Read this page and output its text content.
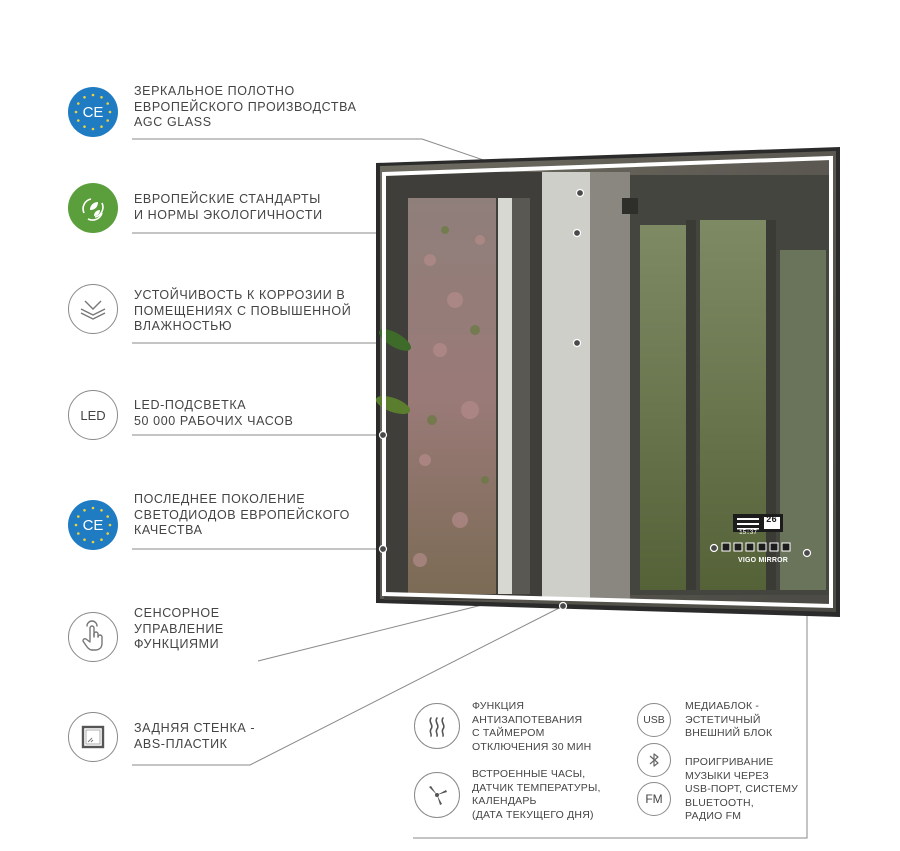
VIGO MIRROR
26
15:37
CE
ЗЕРКАЛЬНОЕ ПОЛОТНО
ЕВРОПЕЙСКОГО ПРОИЗВОДСТВА
AGC GLASS
ЕВРОПЕЙСКИЕ СТАНДАРТЫ
И НОРМЫ ЭКОЛОГИЧНОСТИ
УСТОЙЧИВОСТЬ К КОРРОЗИИ В
ПОМЕЩЕНИЯХ С ПОВЫШЕННОЙ
ВЛАЖНОСТЬЮ
LED
LED-ПОДСВЕТКА
50 000 РАБОЧИХ ЧАСОВ
CE
ПОСЛЕДНЕЕ ПОКОЛЕНИЕ
СВЕТОДИОДОВ ЕВРОПЕЙСКОГО
КАЧЕСТВА
СЕНСОРНОЕ
УПРАВЛЕНИЕ
ФУНКЦИЯМИ
ЗАДНЯЯ СТЕНКА -
ABS-ПЛАСТИК
ФУНКЦИЯ
АНТИЗАПОТЕВАНИЯ
С ТАЙМЕРОМ
ОТКЛЮЧЕНИЯ 30 МИН
ВСТРОЕННЫЕ ЧАСЫ,
ДАТЧИК ТЕМПЕРАТУРЫ,
КАЛЕНДАРЬ
(ДАТА ТЕКУЩЕГО ДНЯ)
USB
FM
МЕДИАБЛОК -
ЭСТЕТИЧНЫЙ
ВНЕШНИЙ БЛОК
ПРОИГРИВАНИЕ
МУЗЫКИ ЧЕРЕЗ
USB-ПОРТ, СИСТЕМУ
BLUETOOTH,
РАДИО FM
